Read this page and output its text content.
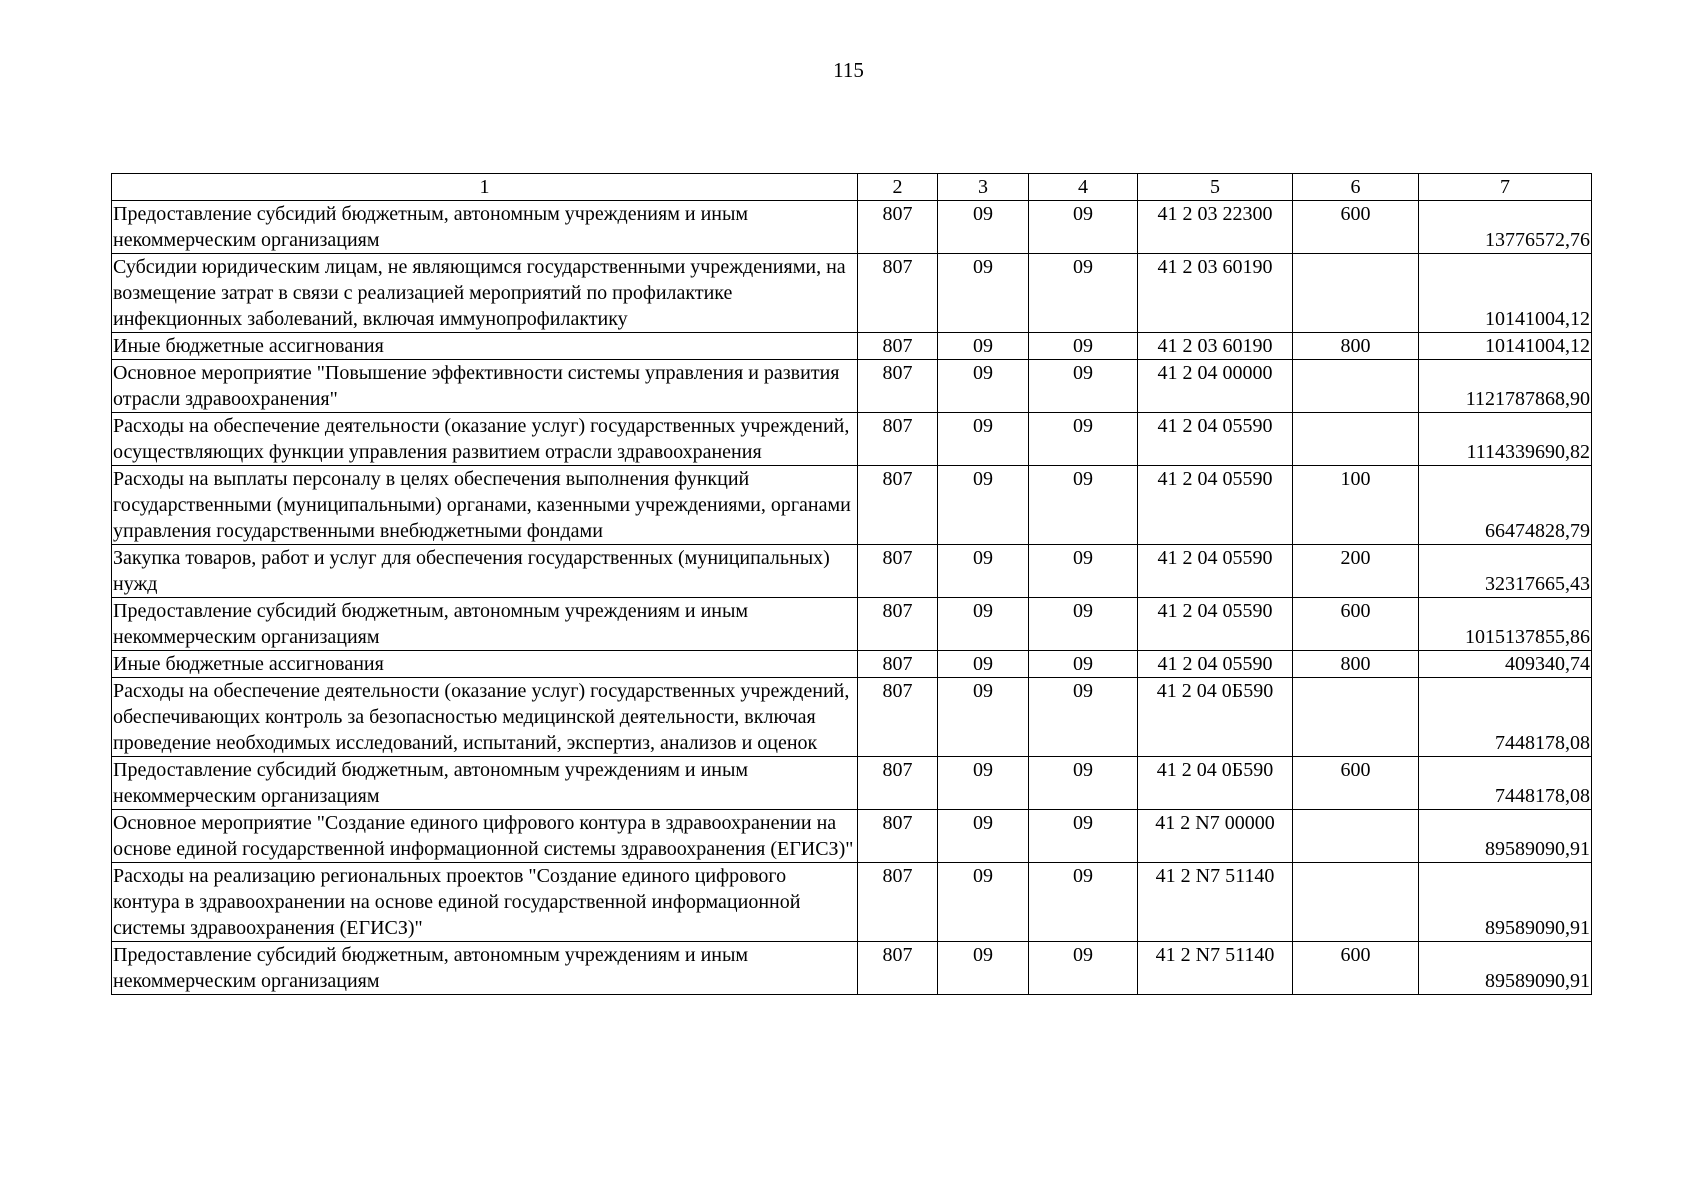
115
1	2	3	4	5	6	7
Предоставление субсидий бюджетным, автономным учреждениям и иным некоммерческим организациям	807	09	09	41 2 03 22300	600	13776572,76
Субсидии юридическим лицам, не являющимся государственными учреждениями, на возмещение затрат в связи с реализацией мероприятий по профилактике инфекционных заболеваний, включая иммунопрофилактику	807	09	09	41 2 03 60190		10141004,12
Иные бюджетные ассигнования	807	09	09	41 2 03 60190	800	10141004,12
Основное мероприятие "Повышение эффективности системы управления и развития отрасли здравоохранения"	807	09	09	41 2 04 00000		1121787868,90
Расходы на обеспечение деятельности (оказание услуг) государственных учреждений, осуществляющих функции управления развитием отрасли здравоохранения	807	09	09	41 2 04 05590		1114339690,82
Расходы на выплаты персоналу в целях обеспечения выполнения функций государственными (муниципальными) органами, казенными учреждениями, органами управления государственными внебюджетными фондами	807	09	09	41 2 04 05590	100	66474828,79
Закупка товаров, работ и услуг для обеспечения государственных (муниципальных) нужд	807	09	09	41 2 04 05590	200	32317665,43
Предоставление субсидий бюджетным, автономным учреждениям и иным некоммерческим организациям	807	09	09	41 2 04 05590	600	1015137855,86
Иные бюджетные ассигнования	807	09	09	41 2 04 05590	800	409340,74
Расходы на обеспечение деятельности (оказание услуг) государственных учреждений, обеспечивающих контроль за безопасностью медицинской деятельности, включая проведение необходимых исследований, испытаний, экспертиз, анализов и оценок	807	09	09	41 2 04 0Б590		7448178,08
Предоставление субсидий бюджетным, автономным учреждениям и иным некоммерческим организациям	807	09	09	41 2 04 0Б590	600	7448178,08
Основное мероприятие "Создание единого цифрового контура в здравоохранении на основе единой государственной информационной системы здравоохранения (ЕГИСЗ)"	807	09	09	41 2 N7 00000		89589090,91
Расходы на реализацию региональных проектов "Создание единого цифрового контура в здравоохранении на основе единой государственной информационной системы здравоохранения (ЕГИСЗ)"	807	09	09	41 2 N7 51140		89589090,91
Предоставление субсидий бюджетным, автономным учреждениям и иным некоммерческим организациям	807	09	09	41 2 N7 51140	600	89589090,91
